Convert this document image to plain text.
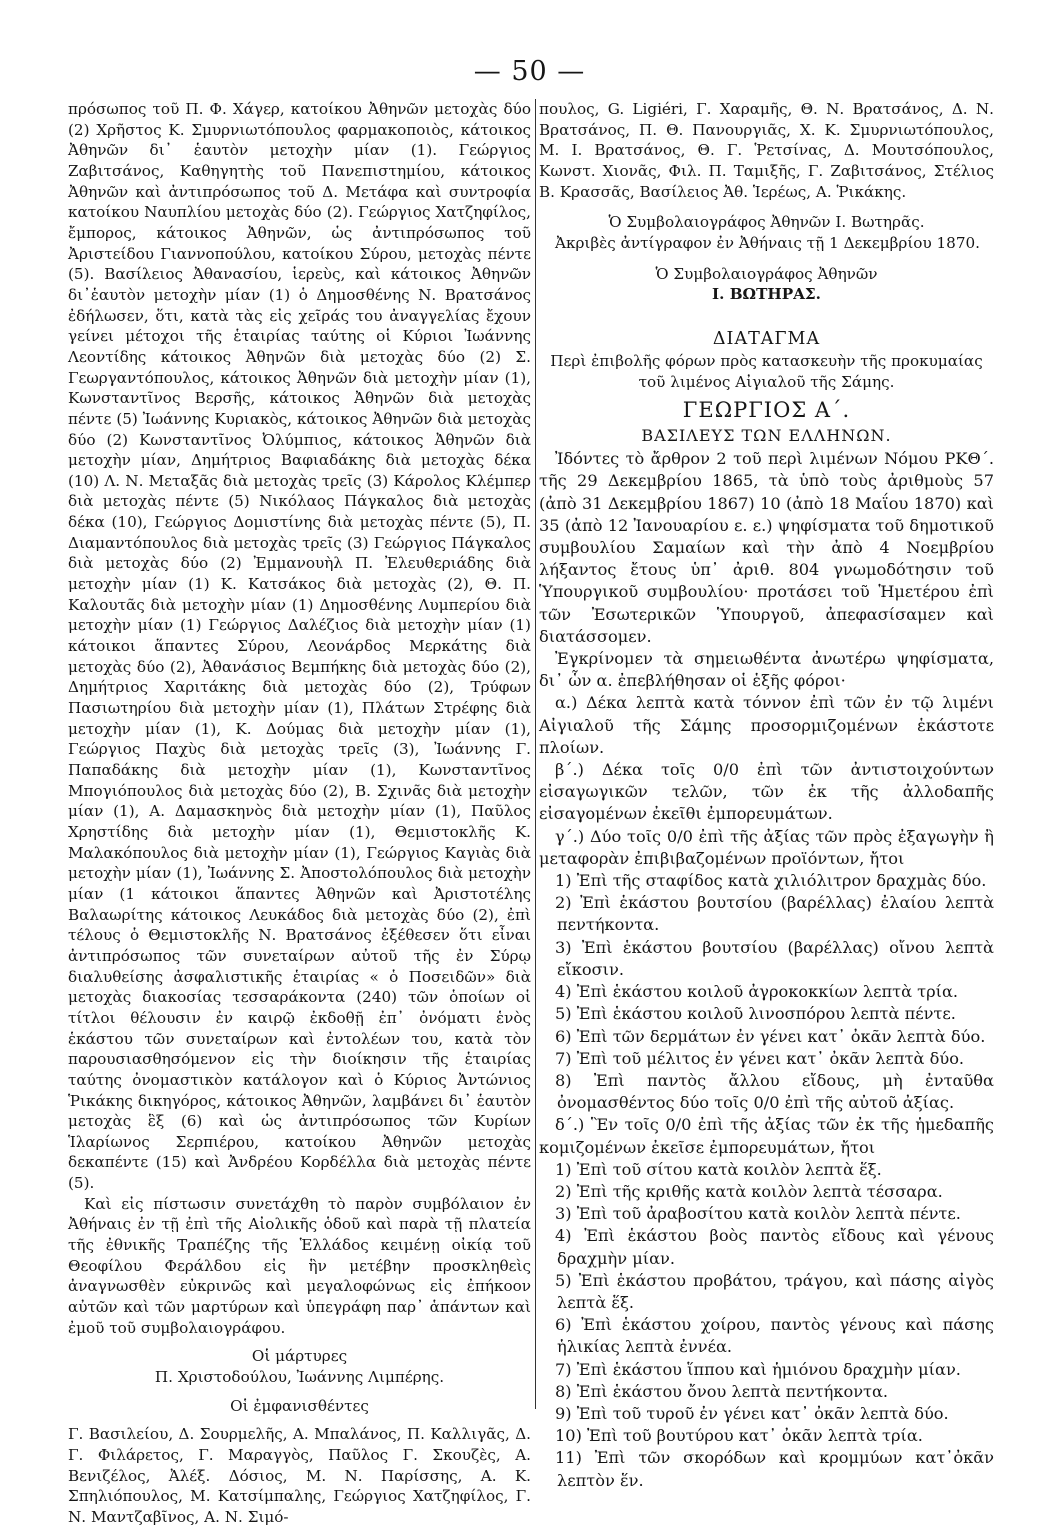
— 50 —

πρόσωπος τοῦ Π. Φ. Χάγερ, κατοίκου Ἀθηνῶν μετοχὰς δύο (2) Χρῆστος Κ. Σμυρνιωτόπουλος φαρμακοποιὸς, κάτοικος Ἀθηνῶν δι᾽ ἑαυτὸν μετοχὴν μίαν (1). Γεώργιος Ζαβιτσάνος, Καθηγητὴς τοῦ Πανεπιστημίου, κάτοικος Ἀθηνῶν καὶ ἀντιπρόσωπος τοῦ Δ. Μετάφα καὶ συντροφία κατοίκου Ναυπλίου μετοχὰς δύο (2). Γεώργιος Χατζηφίλος, ἔμπορος, κάτοικος Ἀθηνῶν, ὡς ἀντιπρόσωπος τοῦ Ἀριστείδου Γιαννοπούλου, κατοίκου Σύρου, μετοχὰς πέντε (5). Βασίλειος Ἀθανασίου, ἱερεὺς, καὶ κάτοικος Ἀθηνῶν δι᾽ἑαυτὸν μετοχὴν μίαν (1) ὁ Δημοσθένης Ν. Βρατσάνος ἐδήλωσεν, ὅτι, κατὰ τὰς εἰς χεῖράς του ἀναγγελίας ἔχουν γείνει μέτοχοι τῆς ἑταιρίας ταύτης οἱ Κύριοι Ἰωάννης Λεοντίδης κάτοικος Ἀθηνῶν διὰ μετοχὰς δύο (2) Σ. Γεωργαντόπουλος, κάτοικος Ἀθηνῶν διὰ μετοχὴν μίαν (1), Κωνσταντῖνος Βερσῆς, κάτοικος Ἀθηνῶν διὰ μετοχὰς πέντε (5) Ἰωάννης Κυριακὸς, κάτοικος Ἀθηνῶν διὰ μετοχὰς δύο (2) Κωνσταντῖνος Ὀλύμπιος, κάτοικος Ἀθηνῶν διὰ μετοχὴν μίαν, Δημήτριος Βαφιαδάκης διὰ μετοχὰς δέκα (10) Λ. Ν. Μεταξᾶς διὰ μετοχὰς τρεῖς (3) Κάρολος Κλέμπερ διὰ μετοχὰς πέντε (5) Νικόλαος Πάγκαλος διὰ μετοχὰς δέκα (10), Γεώργιος Δομιστίνης διὰ μετοχὰς πέντε (5), Π. Διαμαντόπουλος διὰ μετοχὰς τρεῖς (3) Γεώργιος Πάγκαλος διὰ μετοχὰς δύο (2) Ἐμμανουὴλ Π. Ἐλευθεριάδης διὰ μετοχὴν μίαν (1) Κ. Κατσάκος διὰ μετοχὰς (2), Θ. Π. Καλουτᾶς διὰ μετοχὴν μίαν (1) Δημοσθένης Λυμπερίου διὰ μετοχὴν μίαν (1) Γεώργιος Δαλέζιος διὰ μετοχὴν μίαν (1) κάτοικοι ἅπαντες Σύρου, Λεονάρδος Μερκάτης διὰ μετοχὰς δύο (2), Ἀθανάσιος Βεμπήκης διὰ μετοχὰς δύο (2), Δημήτριος Χαριτάκης διὰ μετοχὰς δύο (2), Τρύφων Πασιωτηρίου διὰ μετοχὴν μίαν (1), Πλάτων Στρέφης διὰ μετοχὴν μίαν (1), Κ. Δούμας διὰ μετοχὴν μίαν (1), Γεώργιος Παχὺς διὰ μετοχὰς τρεῖς (3), Ἰωάννης Γ. Παπαδάκης διὰ μετοχὴν μίαν (1), Κωνσταντῖνος Μπογιόπουλος διὰ μετοχὰς δύο (2), Β. Σχινᾶς διὰ μετοχὴν μίαν (1), Α. Δαμασκηνὸς διὰ μετοχὴν μίαν (1), Παῦλος Χρηστίδης διὰ μετοχὴν μίαν (1), Θεμιστοκλῆς Κ. Μαλακόπουλος διὰ μετοχὴν μίαν (1), Γεώργιος Καγιὰς διὰ μετοχὴν μίαν (1), Ἰωάννης Σ. Ἀποστολόπουλος διὰ μετοχὴν μίαν (1 κάτοικοι ἅπαντες Ἀθηνῶν καὶ Ἀριστοτέλης Βαλαωρίτης κάτοικος Λευκάδος διὰ μετοχὰς δύο (2), ἐπὶ τέλους ὁ Θεμιστοκλῆς Ν. Βρατσάνος ἐξέθεσεν ὅτι εἶναι ἀντιπρόσωπος τῶν συνεταίρων αὐτοῦ τῆς ἐν Σύρῳ διαλυθείσης ἀσφαλιστικῆς ἑταιρίας « ὁ Ποσειδῶν» διὰ μετοχὰς διακοσίας τεσσαράκοντα (240) τῶν ὁποίων οἱ τίτλοι θέλουσιν ἐν καιρῷ ἐκδοθῇ ἐπ᾽ ὀνόματι ἑνὸς ἑκάστου τῶν συνεταίρων καὶ ἐντολέων του, κατὰ τὸν παρουσιασθησόμενον εἰς τὴν διοίκησιν τῆς ἑταιρίας ταύτης ὀνομαστικὸν κατάλογον καὶ ὁ Κύριος Ἀντώνιος Ῥικάκης δικηγόρος, κάτοικος Ἀθηνῶν, λαμβάνει δι᾽ ἑαυτὸν μετοχὰς ἓξ (6) καὶ ὡς ἀντιπρόσωπος τῶν Κυρίων Ἱλαρίωνος Σερπιέρου, κατοίκου Ἀθηνῶν μετοχὰς δεκαπέντε (15) καὶ Ἀνδρέου Κορδέλλα διὰ μετοχὰς πέντε (5).

Καὶ εἰς πίστωσιν συνετάχθη τὸ παρὸν συμβόλαιον ἐν Ἀθήναις ἐν τῇ ἐπὶ τῆς Αἰολικῆς ὁδοῦ καὶ παρὰ τῇ πλατεία τῆς ἐθνικῆς Τραπέζης τῆς Ἑλλάδος κειμένῃ οἰκίᾳ τοῦ Θεοφίλου Φεράλδου εἰς ἣν μετέβην προσκληθεὶς ἀναγνωσθὲν εὐκρινῶς καὶ μεγαλοφώνως εἰς ἐπήκοον αὐτῶν καὶ τῶν μαρτύρων καὶ ὑπεγράφη παρ᾽ ἁπάντων καὶ ἐμοῦ τοῦ συμβολαιογράφου.

Οἱ μάρτυρες

Π. Χριστοδούλου, Ἰωάννης Λιμπέρης.

Οἱ ἐμφανισθέντες

Γ. Βασιλείου, Δ. Σουρμελῆς, Α. Μπαλάνος, Π. Καλλιγᾶς, Δ. Γ. Φιλάρετος, Γ. Μαραγγὸς, Παῦλος Γ. Σκουζὲς, Α. Βενιζέλος, Ἀλέξ. Δόσιος, Μ. Ν. Παρίσσης, Α. Κ. Σπηλιόπουλος, Μ. Κατσίμπαλης, Γεώργιος Χατζηφίλος, Γ. Ν. Μαντζαβῖνος, Α. Ν. Σιμό-

πουλος, G. Ligiéri, Γ. Χαραμῆς, Θ. Ν. Βρατσάνος, Δ. Ν. Βρατσάνος, Π. Θ. Πανουργιᾶς, Χ. Κ. Σμυρνιωτόπουλος, Μ. Ι. Βρατσάνος, Θ. Γ. Ῥετσίνας, Δ. Μουτσόπουλος, Κωνστ. Χιονᾶς, Φιλ. Π. Ταμιξῆς, Γ. Ζαβιτσάνος, Στέλιος Β. Κρασσᾶς, Βασίλειος Ἀθ. Ἱερέως, Α. Ῥικάκης.

Ὁ Συμβολαιογράφος Ἀθηνῶν Ι. Βωτηρᾶς.

Ἀκριβὲς ἀντίγραφον ἐν Ἀθήναις τῇ 1 Δεκεμβρίου 1870.

Ὁ Συμβολαιογράφος Ἀθηνῶν

Ι. ΒΩΤΗΡΑΣ.

ΔΙΑΤΑΓΜΑ

Περὶ ἐπιβολῆς φόρων πρὸς κατασκευὴν τῆς προκυμαίας τοῦ λιμένος Αἰγιαλοῦ τῆς Σάμης.

ΓΕΩΡΓΙΟΣ Α΄.

ΒΑΣΙΛΕΥΣ ΤΩΝ ΕΛΛΗΝΩΝ.

Ἰδόντες τὸ ἄρθρον 2 τοῦ περὶ λιμένων Νόμου ΡΚΘ΄. τῆς 29 Δεκεμβρίου 1865, τὰ ὑπὸ τοὺς ἀριθμοὺς 57 (ἀπὸ 31 Δεκεμβρίου 1867) 10 (ἀπὸ 18 Μαΐου 1870) καὶ 35 (ἀπὸ 12 Ἰανουαρίου ε. ε.) ψηφίσματα τοῦ δημοτικοῦ συμβουλίου Σαμαίων καὶ τὴν ἀπὸ 4 Νοεμβρίου λήξαντος ἔτους ὑπ᾽ ἀριθ. 804 γνωμοδότησιν τοῦ Ὑπουργικοῦ συμβουλίου· προτάσει τοῦ Ἡμετέρου ἐπὶ τῶν Ἐσωτερικῶν Ὑπουργοῦ, ἀπεφασίσαμεν καὶ διατάσσομεν.

Ἐγκρίνομεν τὰ σημειωθέντα ἀνωτέρω ψηφίσματα, δι᾽ ὧν α. ἐπεβλήθησαν οἱ ἑξῆς φόροι·

α.) Δέκα λεπτὰ κατὰ τόννον ἐπὶ τῶν ἐν τῷ λιμένι Αἰγιαλοῦ τῆς Σάμης προσορμιζομένων ἑκάστοτε πλοίων.

β΄.) Δέκα τοῖς 0/0 ἐπὶ τῶν ἀντιστοιχούντων εἰσαγωγικῶν τελῶν, τῶν ἐκ τῆς ἀλλοδαπῆς εἰσαγομένων ἐκεῖθι ἐμπορευμάτων.

γ΄.) Δύο τοῖς 0/0 ἐπὶ τῆς ἀξίας τῶν πρὸς ἐξαγωγὴν ἢ μεταφορὰν ἐπιβιβαζομένων προϊόντων, ἤτοι

1) Ἐπὶ τῆς σταφίδος κατὰ χιλιόλιτρον δραχμὰς δύο.

2) Ἐπὶ ἑκάστου βουτσίου (βαρέλλας) ἐλαίου λεπτὰ πεντήκοντα.

3) Ἐπὶ ἑκάστου βουτσίου (βαρέλλας) οἴνου λεπτὰ εἴκοσιν.

4) Ἐπὶ ἑκάστου κοιλοῦ ἀγροκοκκίων λεπτὰ τρία.

5) Ἐπὶ ἑκάστου κοιλοῦ λινοσπόρου λεπτὰ πέντε.

6) Ἐπὶ τῶν δερμάτων ἐν γένει κατ᾽ ὀκᾶν λεπτὰ δύο.

7) Ἐπὶ τοῦ μέλιτος ἐν γένει κατ᾽ ὀκᾶν λεπτὰ δύο.

8) Ἐπὶ παντὸς ἄλλου εἴδους, μὴ ἐνταῦθα ὀνομασθέντος δύο τοῖς 0/0 ἐπὶ τῆς αὐτοῦ ἀξίας.

δ΄.) Ἓν τοῖς 0/0 ἐπὶ τῆς ἀξίας τῶν ἐκ τῆς ἡμεδαπῆς κομιζομένων ἐκεῖσε ἐμπορευμάτων, ἤτοι

1) Ἐπὶ τοῦ σίτου κατὰ κοιλὸν λεπτὰ ἕξ.

2) Ἐπὶ τῆς κριθῆς κατὰ κοιλὸν λεπτὰ τέσσαρα.

3) Ἐπὶ τοῦ ἀραβοσίτου κατὰ κοιλὸν λεπτὰ πέντε.

4) Ἐπὶ ἑκάστου βοὸς παντὸς εἴδους καὶ γένους δραχμὴν μίαν.

5) Ἐπὶ ἑκάστου προβάτου, τράγου, καὶ πάσης αἰγὸς λεπτὰ ἕξ.

6) Ἐπὶ ἑκάστου χοίρου, παντὸς γένους καὶ πάσης ἡλικίας λεπτὰ ἐννέα.

7) Ἐπὶ ἑκάστου ἵππου καὶ ἡμιόνου δραχμὴν μίαν.

8) Ἐπὶ ἑκάστου ὄνου λεπτὰ πεντήκοντα.

9) Ἐπὶ τοῦ τυροῦ ἐν γένει κατ᾽ ὀκᾶν λεπτὰ δύο.

10) Ἐπὶ τοῦ βουτύρου κατ᾽ ὀκᾶν λεπτὰ τρία.

11) Ἐπὶ τῶν σκορόδων καὶ κρομμύων κατ᾽ὀκᾶν λεπτὸν ἕν.
